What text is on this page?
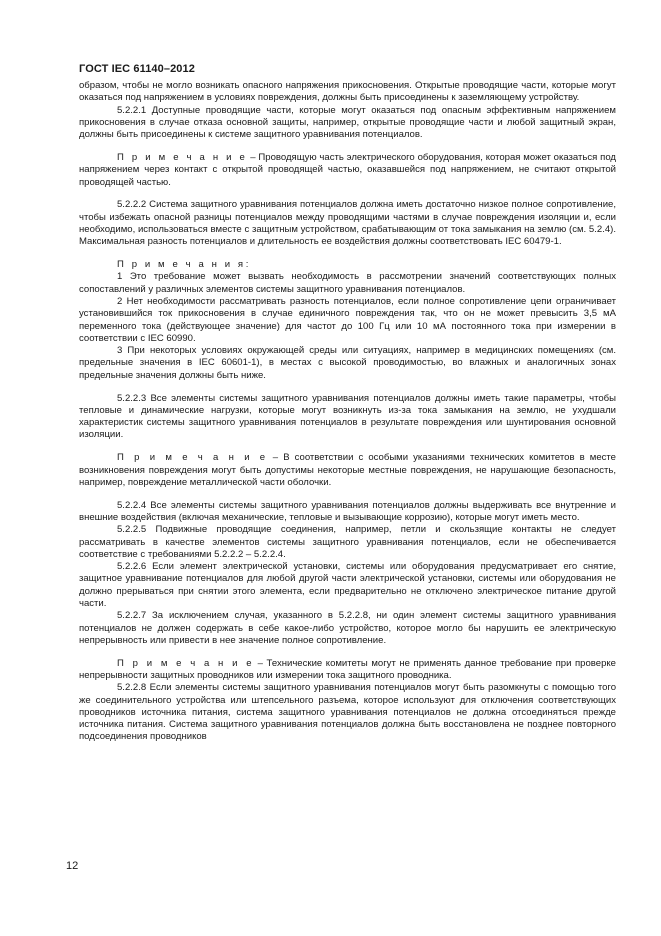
ГОСТ IEC 61140–2012

образом, чтобы не могло возникать опасного напряжения прикосновения. Открытые проводящие части, которые могут оказаться под напряжением в условиях повреждения, должны быть присоединены к заземляющему устройству.

5.2.2.1 Доступные проводящие части, которые могут оказаться под опасным эффективным напряжением прикосновения в случае отказа основной защиты, например, открытые проводящие части и любой защитный экран, должны быть присоединены к системе защитного уравнивания потенциалов.

П р и м е ч а н и е – Проводящую часть электрического оборудования, которая может оказаться под напряжением через контакт с открытой проводящей частью, оказавшейся под напряжением, не считают открытой проводящей частью.

5.2.2.2 Система защитного уравнивания потенциалов должна иметь достаточно низкое полное сопротивление, чтобы избежать опасной разницы потенциалов между проводящими частями в случае повреждения изоляции и, если необходимо, использоваться вместе с защитным устройством, срабатывающим от тока замыкания на землю (см. 5.2.4). Максимальная разность потенциалов и длительность ее воздействия должны соответствовать IEC 60479-1.

П р и м е ч а н и я:

1 Это требование может вызвать необходимость в рассмотрении значений соответствующих полных сопоставлений у различных элементов системы защитного уравнивания потенциалов.

2 Нет необходимости рассматривать разность потенциалов, если полное сопротивление цепи ограничивает установившийся ток прикосновения в случае единичного повреждения так, что он не может превысить 3,5 мА переменного тока (действующее значение) для частот до 100 Гц или 10 мА постоянного тока при измерении в соответствии с IEC 60990.

3 При некоторых условиях окружающей среды или ситуациях, например в медицинских помещениях (см. предельные значения в IEC 60601-1), в местах с высокой проводимостью, во влажных и аналогичных зонах предельные значения должны быть ниже.

5.2.2.3 Все элементы системы защитного уравнивания потенциалов должны иметь такие параметры, чтобы тепловые и динамические нагрузки, которые могут возникнуть из-за тока замыкания на землю, не ухудшали характеристик системы защитного уравнивания потенциалов в результате повреждения или шунтирования основной изоляции.

П р и м е ч а н и е – В соответствии с особыми указаниями технических комитетов в месте возникновения повреждения могут быть допустимы некоторые местные повреждения, не нарушающие безопасность, например, повреждение металлической части оболочки.

5.2.2.4 Все элементы системы защитного уравнивания потенциалов должны выдерживать все внутренние и внешние воздействия (включая механические, тепловые и вызывающие коррозию), которые могут иметь место.

5.2.2.5 Подвижные проводящие соединения, например, петли и скользящие контакты не следует рассматривать в качестве элементов системы защитного уравнивания потенциалов, если не обеспечивается соответствие с требованиями 5.2.2.2 – 5.2.2.4.

5.2.2.6 Если элемент электрической установки, системы или оборудования предусматривает его снятие, защитное уравнивание потенциалов для любой другой части электрической установки, системы или оборудования не должно прерываться при снятии этого элемента, если предварительно не отключено электрическое питание другой части.

5.2.2.7 За исключением случая, указанного в 5.2.2.8, ни один элемент системы защитного уравнивания потенциалов не должен содержать в себе какое-либо устройство, которое могло бы нарушить ее электрическую непрерывность или привести в нее значение полное сопротивление.

П р и м е ч а н и е – Технические комитеты могут не применять данное требование при проверке непрерывности защитных проводников или измерении тока защитного проводника.

5.2.2.8 Если элементы системы защитного уравнивания потенциалов могут быть разомкнуты с помощью того же соединительного устройства или штепсельного разъема, которое используют для отключения соответствующих проводников источника питания, система защитного уравнивания потенциалов не должна отсоединяться прежде источника питания. Система защитного уравнивания потенциалов должна быть восстановлена не позднее повторного подсоединения проводников

12
